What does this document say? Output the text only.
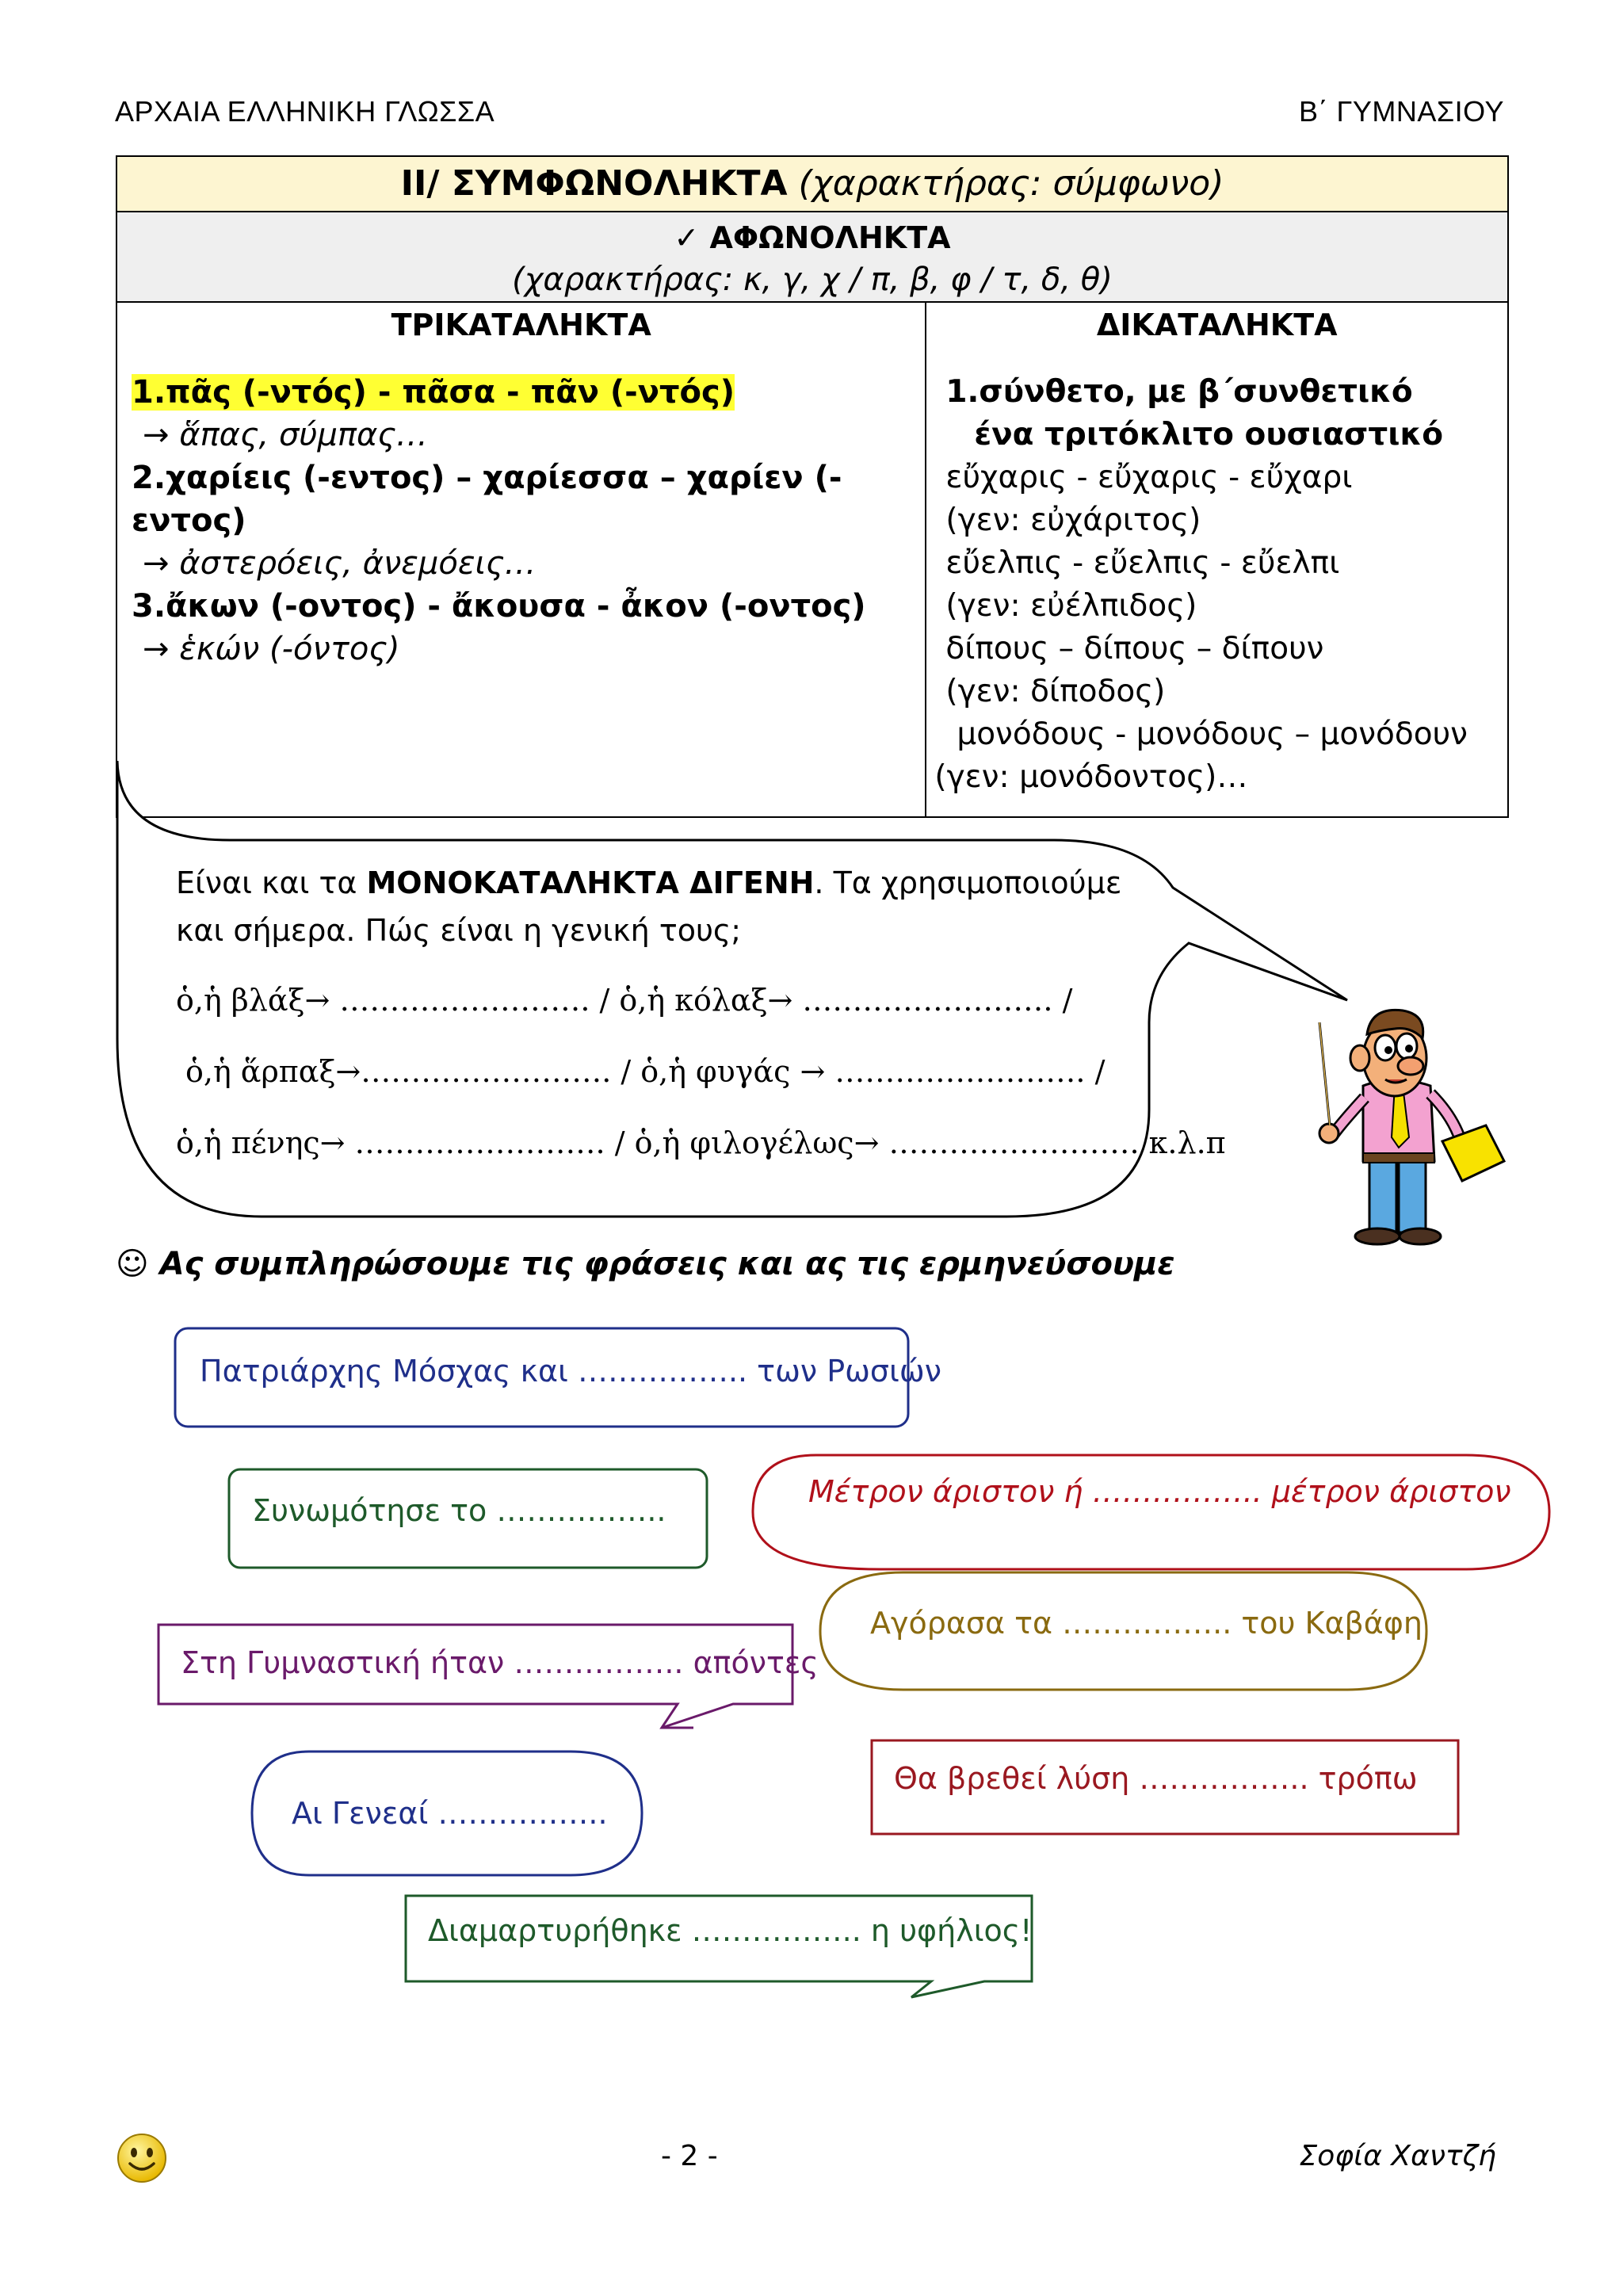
ΑΡΧΑΙΑ ΕΛΛΗΝΙΚΗ ΓΛΩΣΣΑ	Β΄ ΓΥΜΝΑΣΙΟΥ
ΙΙ/ ΣΥΜΦΩΝΟΛΗΚΤΑ (χαρακτήρας: σύμφωνο)

✓ ΑΦΩΝΟΛΗΚΤΑ
(χαρακτήρας: κ, γ, χ / π, β, φ / τ, δ, θ)

ΤΡΙΚΑΤΑΛΗΚΤΑ
1.πᾶς (-ντός) - πᾶσα - πᾶν (-ντός)
→ ἅπας, σύμπας…
2.χαρίεις (-εντος) – χαρίεσσα – χαρίεν (-εντος)
→ ἀστερόεις, ἀνεμόεις…
3.ἄκων (-οντος) - ἄκουσα - ἆκον (-οντος)
→ ἑκών (-όντος)

ΔΙΚΑΤΑΛΗΚΤΑ
1.σύνθετο, με β΄συνθετικό
ένα τριτόκλιτο ουσιαστικό
εὔχαρις - εὔχαρις - εὔχαρι
(γεν: εὐχάριτος)
εὔελπις - εὔελπις - εὔελπι
(γεν: εὐέλπιδος)
δίπους – δίπους – δίπουν
(γεν: δίποδος)
μονόδους - μονόδους – μονόδουν
(γεν: μονόδοντος)…
Είναι και τα ΜΟΝΟΚΑΤΑΛΗΚΤΑ ΔΙΓΕΝΗ. Τα χρησιμοποιούμε
και σήμερα. Πώς είναι η γενική τους;
ὁ,ἡ βλάξ→ ……………………. / ὁ,ἡ κόλαξ→ ……………………. /
ὁ,ἡ ἅρπαξ→……………………. / ὁ,ἡ φυγάς → ……………………. /
ὁ,ἡ πένης→ ……………………. / ὁ,ἡ φιλογέλως→ ……………………. κ.λ.π
☺ Ας συμπληρώσουμε τις φράσεις και ας τις ερμηνεύσουμε
Πατριάρχης Μόσχας και …………….. των Ρωσιών
Συνωμότησε το ……………..
Μέτρον άριστον ή …………….. μέτρον άριστον
Αγόρασα τα …………….. του Καβάφη
Στη Γυμναστική ήταν …………….. απόντες
Θα βρεθεί λύση …………….. τρόπω
Αι Γενεαί ……………..
Διαμαρτυρήθηκε …………….. η υφήλιος!
- 2 -	Σοφία Χαντζή
